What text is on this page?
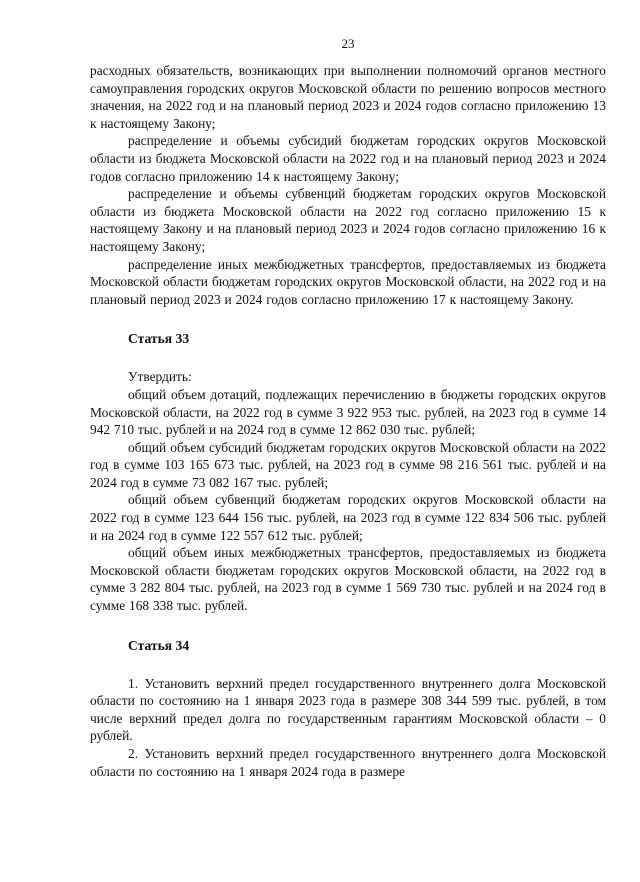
23

расходных обязательств, возникающих при выполнении полномочий органов местного самоуправления городских округов Московской области по решению вопросов местного значения, на 2022 год и на плановый период 2023 и 2024 годов согласно приложению 13 к настоящему Закону;

распределение и объемы субсидий бюджетам городских округов Московской области из бюджета Московской области на 2022 год и на плановый период 2023 и 2024 годов согласно приложению 14 к настоящему Закону;

распределение и объемы субвенций бюджетам городских округов Московской области из бюджета Московской области на 2022 год согласно приложению 15 к настоящему Закону и на плановый период 2023 и 2024 годов согласно приложению 16 к настоящему Закону;

распределение иных межбюджетных трансфертов, предоставляемых из бюджета Московской области бюджетам городских округов Московской области, на 2022 год и на плановый период 2023 и 2024 годов согласно приложению 17 к настоящему Закону.

Статья 33

Утвердить:

общий объем дотаций, подлежащих перечислению в бюджеты городских округов Московской области, на 2022 год в сумме 3 922 953 тыс. рублей, на 2023 год в сумме 14 942 710 тыс. рублей и на 2024 год в сумме 12 862 030 тыс. рублей;

общий объем субсидий бюджетам городских округов Московской области на 2022 год в сумме 103 165 673 тыс. рублей, на 2023 год в сумме 98 216 561 тыс. рублей и на 2024 год в сумме 73 082 167 тыс. рублей;

общий объем субвенций бюджетам городских округов Московской области на 2022 год в сумме 123 644 156 тыс. рублей, на 2023 год в сумме 122 834 506 тыс. рублей и на 2024 год в сумме 122 557 612 тыс. рублей;

общий объем иных межбюджетных трансфертов, предоставляемых из бюджета Московской области бюджетам городских округов Московской области, на 2022 год в сумме 3 282 804 тыс. рублей, на 2023 год в сумме 1 569 730 тыс. рублей и на 2024 год в сумме 168 338 тыс. рублей.

Статья 34

1. Установить верхний предел государственного внутреннего долга Московской области по состоянию на 1 января 2023 года в размере 308 344 599 тыс. рублей, в том числе верхний предел долга по государственным гарантиям Московской области – 0 рублей.

2. Установить верхний предел государственного внутреннего долга Московской области по состоянию на 1 января 2024 года в размере
